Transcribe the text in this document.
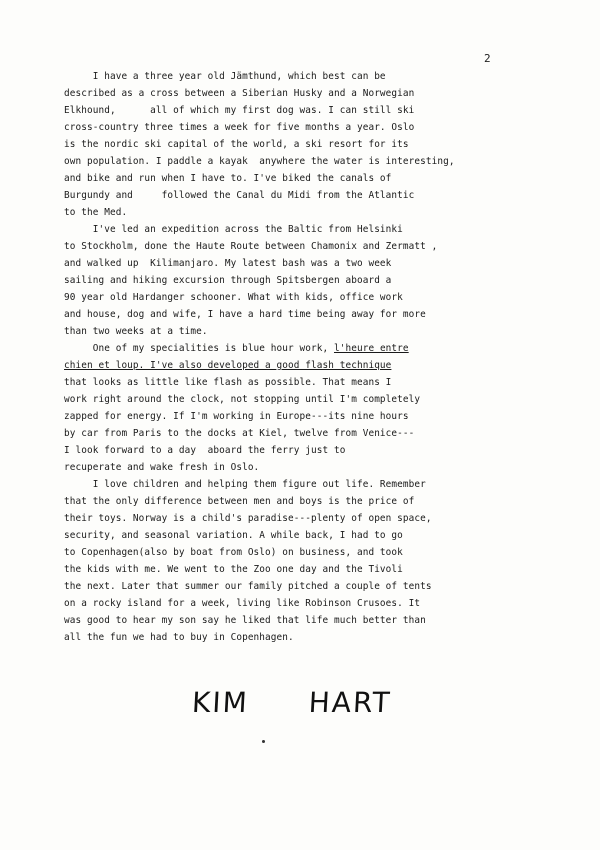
2
I have a three year old Jämthund, which best can be
described as a cross between a Siberian Husky and a Norwegian
Elkhound,      all of which my first dog was. I can still ski
cross-country three times a week for five months a year. Oslo
is the nordic ski capital of the world, a ski resort for its
own population. I paddle a kayak  anywhere the water is interesting,
and bike and run when I have to. I've biked the canals of
Burgundy and     followed the Canal du Midi from the Atlantic
to the Med.
I've led an expedition across the Baltic from Helsinki
to Stockholm, done the Haute Route between Chamonix and Zermatt ,
and walked up  Kilimanjaro. My latest bash was a two week
sailing and hiking excursion through Spitsbergen aboard a
90 year old Hardanger schooner. What with kids, office work
and house, dog and wife, I have a hard time being away for more
than two weeks at a time.
One of my specialities is blue hour work, l'heure entre
chien et loup. I've also developed a good flash technique
that looks as little like flash as possible. That means I
work right around the clock, not stopping until I'm completely
zapped for energy. If I'm working in Europe---its nine hours
by car from Paris to the docks at Kiel, twelve from Venice---
I look forward to a day  aboard the ferry just to
recuperate and wake fresh in Oslo.
I love children and helping them figure out life. Remember
that the only difference between men and boys is the price of
their toys. Norway is a child's paradise---plenty of open space,
security, and seasonal variation. A while back, I had to go
to Copenhagen(also by boat from Oslo) on business, and took
the kids with me. We went to the Zoo one day and the Tivoli
the next. Later that summer our family pitched a couple of tents
on a rocky island for a week, living like Robinson Crusoes. It
was good to hear my son say he liked that life much better than
all the fun we had to buy in Copenhagen.
KIM HART
